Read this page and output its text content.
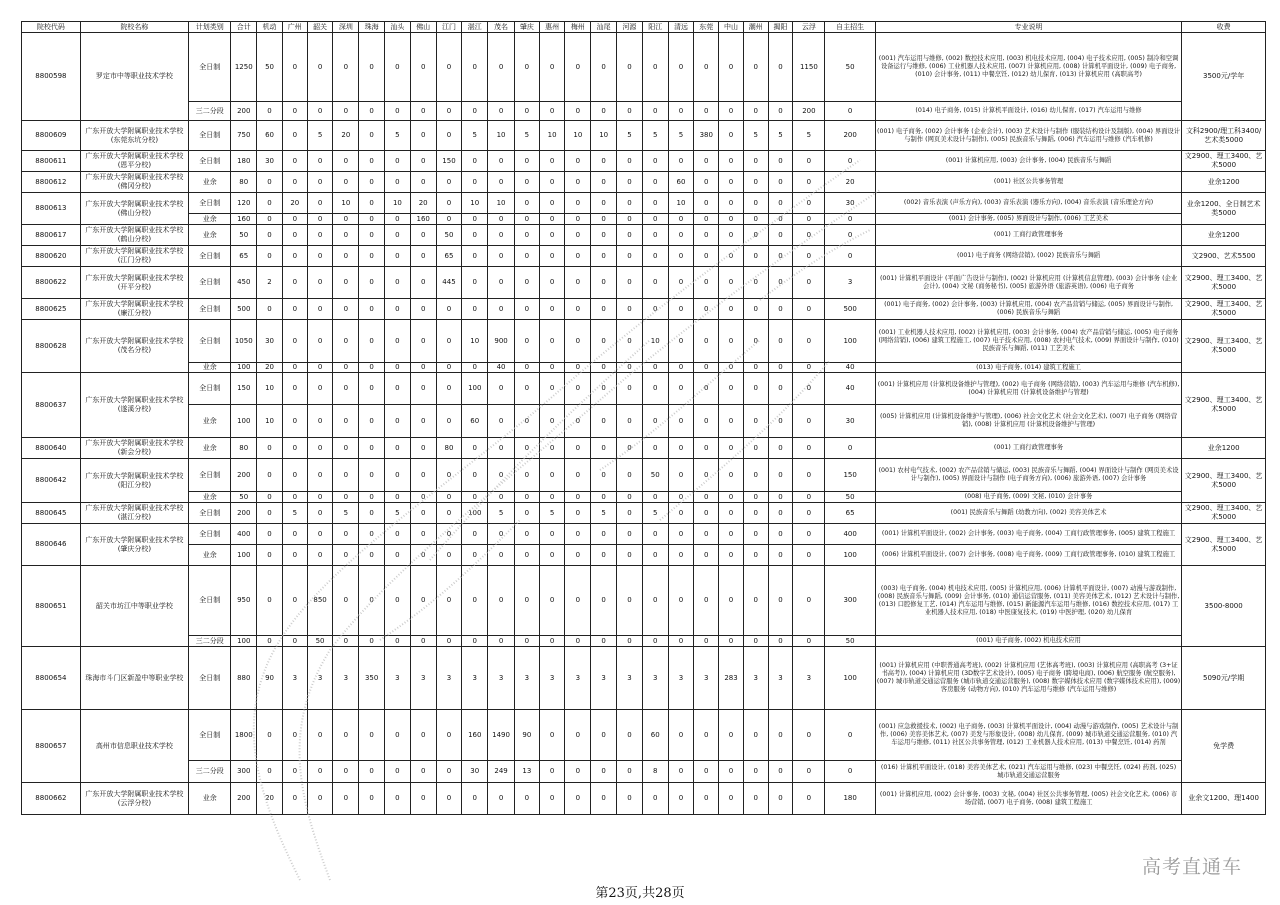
院校代码	院校名称	计划类别	合计	机动	广州	韶关	深圳	珠海	汕头	佛山	江门	湛江	茂名	肇庆	惠州	梅州	汕尾	河源	阳江	清远	东莞	中山	潮州	揭阳	云浮	自主招生	专业说明	收费
8800598	罗定市中等职业技术学校	全日制	1250	50	0	0	0	0	0	0	0	0	0	0	0	0	0	0	0	0	0	0	0	0	1150	50	(001) 汽车运用与维修, (002) 数控技术应用, (003) 机电技术应用, (004) 电子技术应用, (005) 制冷和空调设备运行与维修, (006) 工业机器人技术应用, (007) 计算机应用, (008) 计算机平面设计, (009) 电子商务, (010) 会计事务, (011) 中餐烹饪, (012) 幼儿保育, (013) 计算机应用 (高职高考)	3500元/学年
		三二分段	200	0	0	0	0	0	0	0	0	0	0	0	0	0	0	0	0	0	0	0	0	0	200	0	(014) 电子商务, (015) 计算机平面设计, (016) 幼儿保育, (017) 汽车运用与维修	
8800609	广东开放大学附属职业技术学校(东莞东坑分校)	全日制	750	60	0	5	20	0	5	0	0	5	10	5	10	10	10	5	5	5	380	0	5	5	5	200	(001) 电子商务, (002) 会计事务 (企业会计), (003) 艺术设计与制作 (服装结构设计及制版), (004) 界面设计与制作 (网页美术设计与制作), (005) 民族音乐与舞蹈, (006) 汽车运用与维修 (汽车机修)	文科2900/理工科3400/艺术类5000
8800611	广东开放大学附属职业技术学校(恩平分校)	全日制	180	30	0	0	0	0	0	0	150	0	0	0	0	0	0	0	0	0	0	0	0	0	0	0	(001) 计算机应用, (003) 会计事务, (004) 民族音乐与舞蹈	文2900、理工3400、艺术5000
8800612	广东开放大学附属职业技术学校(佛冈分校)	业余	80	0	0	0	0	0	0	0	0	0	0	0	0	0	0	0	0	60	0	0	0	0	0	20	(001) 社区公共事务管理	业余1200
8800613	广东开放大学附属职业技术学校(佛山分校)	全日制	120	0	20	0	10	0	10	20	0	10	10	0	0	0	0	0	0	10	0	0	0	0	0	30	(002) 音乐表演 (声乐方向), (003) 音乐表演 (器乐方向), (004) 音乐表演 (音乐理论方向)	业余1200、全日制艺术类5000
		业余	160	0	0	0	0	0	0	160	0	0	0	0	0	0	0	0	0	0	0	0	0	0	0	0	(001) 会计事务, (005) 界面设计与制作, (006) 工艺美术	
8800617	广东开放大学附属职业技术学校(鹤山分校)	业余	50	0	0	0	0	0	0	0	50	0	0	0	0	0	0	0	0	0	0	0	0	0	0	0	(001) 工商行政管理事务	业余1200
8800620	广东开放大学附属职业技术学校(江门分校)	全日制	65	0	0	0	0	0	0	0	65	0	0	0	0	0	0	0	0	0	0	0	0	0	0	0	(001) 电子商务 (网络营销), (002) 民族音乐与舞蹈	文2900、艺术5500
8800622	广东开放大学附属职业技术学校(开平分校)	全日制	450	2	0	0	0	0	0	0	445	0	0	0	0	0	0	0	0	0	0	0	0	0	0	3	(001) 计算机平面设计 (平面广告设计与制作), (002) 计算机应用 (计算机信息管理), (003) 会计事务 (企业会计), (004) 文秘 (商务秘书), (005) 旅游外语 (旅游英语), (006) 电子商务	文2900、理工3400、艺术5000
8800625	广东开放大学附属职业技术学校(廉江分校)	全日制	500	0	0	0	0	0	0	0	0	0	0	0	0	0	0	0	0	0	0	0	0	0	0	500	(001) 电子商务, (002) 会计事务, (003) 计算机应用, (004) 农产品营销与储运, (005) 界面设计与制作, (006) 民族音乐与舞蹈	文2900、理工3400、艺术5000
8800628	广东开放大学附属职业技术学校(茂名分校)	全日制	1050	30	0	0	0	0	0	0	0	10	900	0	0	0	0	0	10	0	0	0	0	0	0	100	(001) 工业机器人技术应用, (002) 计算机应用, (003) 会计事务, (004) 农产品营销与储运, (005) 电子商务 (网络营销), (006) 建筑工程施工, (007) 电子技术应用, (008) 农村电气技术, (009) 界面设计与制作, (010) 民族音乐与舞蹈, (011) 工艺美术	文2900、理工3400、艺术5000
		业余	100	20	0	0	0	0	0	0	0	0	40	0	0	0	0	0	0	0	0	0	0	0	0	40	(013) 电子商务, (014) 建筑工程施工	
8800637	广东开放大学附属职业技术学校(遂溪分校)	全日制	150	10	0	0	0	0	0	0	0	100	0	0	0	0	0	0	0	0	0	0	0	0	0	40	(001) 计算机应用 (计算机设备维护与管理), (002) 电子商务 (网络营销), (003) 汽车运用与维修 (汽车机修), (004) 计算机应用 (计算机设备维护与管理)	文2900、理工3400、艺术5000
		业余	100	10	0	0	0	0	0	0	0	60	0	0	0	0	0	0	0	0	0	0	0	0	0	30	(005) 计算机应用 (计算机设备维护与管理), (006) 社会文化艺术 (社会文化艺术), (007) 电子商务 (网络营销), (008) 计算机应用 (计算机设备维护与管理)	
8800640	广东开放大学附属职业技术学校(新会分校)	业余	80	0	0	0	0	0	0	0	80	0	0	0	0	0	0	0	0	0	0	0	0	0	0	0	(001) 工商行政管理事务	业余1200
8800642	广东开放大学附属职业技术学校(阳江分校)	全日制	200	0	0	0	0	0	0	0	0	0	0	0	0	0	0	0	50	0	0	0	0	0	0	150	(001) 农村电气技术, (002) 农产品营销与储运, (003) 民族音乐与舞蹈, (004) 界面设计与制作 (网页美术设计与制作), (005) 界面设计与制作 (电子商务方向), (006) 旅游外语, (007) 会计事务	文2900、理工3400、艺术5000
		业余	50	0	0	0	0	0	0	0	0	0	0	0	0	0	0	0	0	0	0	0	0	0	0	50	(008) 电子商务, (009) 文秘, (010) 会计事务	
8800645	广东开放大学附属职业技术学校(湛江分校)	全日制	200	0	5	0	5	0	5	0	0	100	5	0	5	0	5	0	5	0	0	0	0	0	0	65	(001) 民族音乐与舞蹈 (幼教方向), (002) 美容美体艺术	文2900、理工3400、艺术5000
8800646	广东开放大学附属职业技术学校(肇庆分校)	全日制	400	0	0	0	0	0	0	0	0	0	0	0	0	0	0	0	0	0	0	0	0	0	0	400	(001) 计算机平面设计, (002) 会计事务, (003) 电子商务, (004) 工商行政管理事务, (005) 建筑工程施工	文2900、理工3400、艺术5000
		业余	100	0	0	0	0	0	0	0	0	0	0	0	0	0	0	0	0	0	0	0	0	0	0	100	(006) 计算机平面设计, (007) 会计事务, (008) 电子商务, (009) 工商行政管理事务, (010) 建筑工程施工	
8800651	韶关市坊江中等职业学校	全日制	950	0	0	850	0	0	0	0	0	0	0	0	0	0	0	0	0	0	0	0	0	0	0	300	(003) 电子商务, (004) 机电技术应用, (005) 计算机应用, (006) 计算机平面设计, (007) 动漫与游戏制作, (008) 民族音乐与舞蹈, (009) 会计事务, (010) 通信运营服务, (011) 美容美体艺术, (012) 艺术设计与制作, (013) 口腔修复工艺, (014) 汽车运用与维修, (015) 新能源汽车运用与维修, (016) 数控技术应用, (017) 工业机器人技术应用, (018) 中医康复技术, (019) 中医护理, (020) 幼儿保育	3500-8000
		三二分段	100	0	0	50	0	0	0	0	0	0	0	0	0	0	0	0	0	0	0	0	0	0	0	50	(001) 电子商务, (002) 机电技术应用	
8800654	珠海市斗门区新盈中等职业学校	全日制	880	90	3	3	3	350	3	3	3	3	3	3	3	3	3	3	3	3	3	283	3	3	3	100	(001) 计算机应用 (中职普通高考班), (002) 计算机应用 (艺体高考班), (003) 计算机应用 (高职高考 (3+证书高考)), (004) 计算机应用 (3D数字艺术设计), (005) 电子商务 (跨境电商), (006) 航空服务 (航空服务), (007) 城市轨道交通运营服务 (城市轨道交通运营服务), (008) 数字媒体技术应用 (数字媒体技术应用), (009) 客房服务 (动物方向), (010) 汽车运用与维修 (汽车运用与维修)	5090元/学期
8800657	高州市信息职业技术学校	全日制	1800	0	0	0	0	0	0	0	0	160	1490	90	0	0	0	0	60	0	0	0	0	0	0	0	(001) 应急救援技术, (002) 电子商务, (003) 计算机平面设计, (004) 动漫与游戏制作, (005) 艺术设计与制作, (006) 美容美体艺术, (007) 美发与形象设计, (008) 幼儿保育, (009) 城市轨道交通运营服务, (010) 汽车运用与维修, (011) 社区公共事务管理, (012) 工业机器人技术应用, (013) 中餐烹饪, (014) 药剂	免学费
		三二分段	300	0	0	0	0	0	0	0	0	30	249	13	0	0	0	0	8	0	0	0	0	0	0	0	(016) 计算机平面设计, (018) 美容美体艺术, (021) 汽车运用与维修, (023) 中餐烹饪, (024) 药剂, (025) 城市轨道交通运营服务	
8800662	广东开放大学附属职业技术学校(云浮分校)	业余	200	20	0	0	0	0	0	0	0	0	0	0	0	0	0	0	0	0	0	0	0	0	0	180	(001) 计算机应用, (002) 会计事务, (003) 文秘, (004) 社区公共事务管理, (005) 社会文化艺术, (006) 市场营销, (007) 电子商务, (008) 建筑工程施工	业余文1200、理1400
高考直通车
第23页,共28页
